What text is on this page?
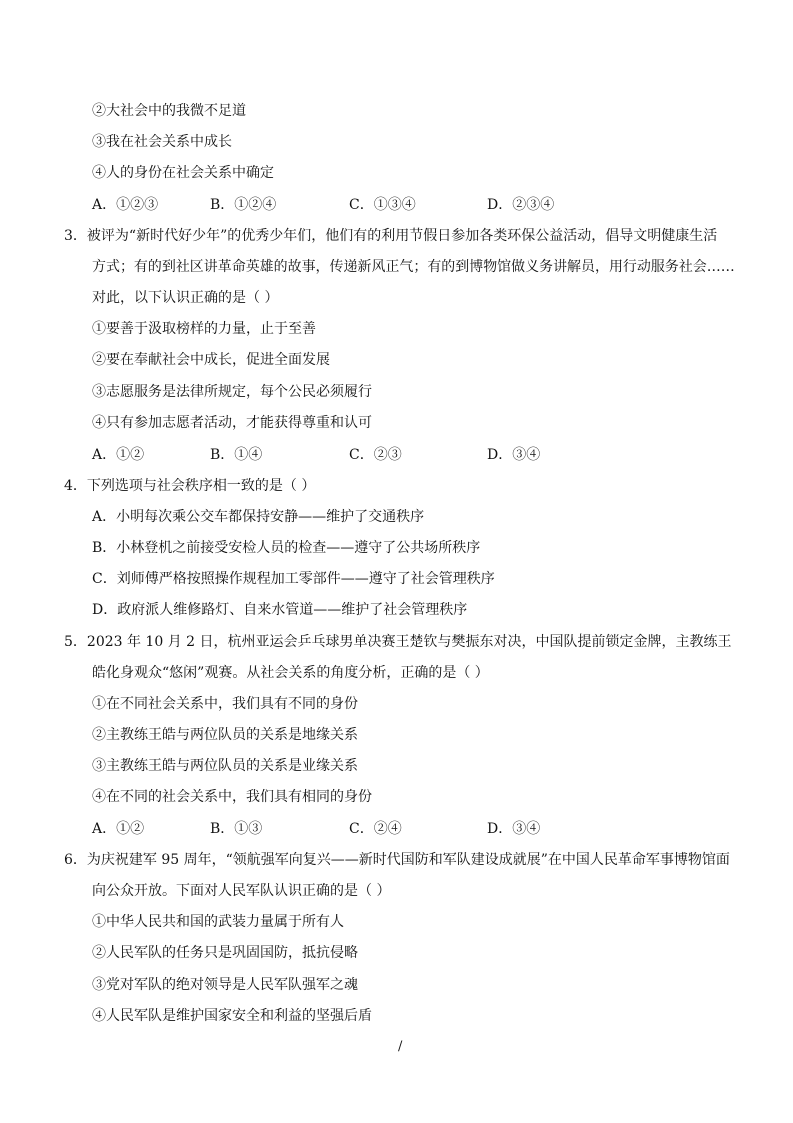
②大社会中的我微不足道
③我在社会关系中成长
④人的身份在社会关系中确定
A．①②③	B．①②④	C．①③④	D．②③④
3．被评为“新时代好少年”的优秀少年们，他们有的利用节假日参加各类环保公益活动，倡导文明健康生活
方式；有的到社区讲革命英雄的故事，传递新风正气；有的到博物馆做义务讲解员，用行动服务社会……
对此，以下认识正确的是（ ）
①要善于汲取榜样的力量，止于至善
②要在奉献社会中成长，促进全面发展
③志愿服务是法律所规定，每个公民必须履行
④只有参加志愿者活动，才能获得尊重和认可
A．①②	B．①④	C．②③	D．③④
4．下列选项与社会秩序相一致的是（ ）
A．小明每次乘公交车都保持安静——维护了交通秩序
B．小林登机之前接受安检人员的检查——遵守了公共场所秩序
C．刘师傅严格按照操作规程加工零部件——遵守了社会管理秩序
D．政府派人维修路灯、自来水管道——维护了社会管理秩序
5．2023 年 10 月 2 日，杭州亚运会乒乓球男单决赛王楚钦与樊振东对决，中国队提前锁定金牌，主教练王
皓化身观众“悠闲”观赛。从社会关系的角度分析，正确的是（ ）
①在不同社会关系中，我们具有不同的身份
②主教练王皓与两位队员的关系是地缘关系
③主教练王皓与两位队员的关系是业缘关系
④在不同的社会关系中，我们具有相同的身份
A．①②	B．①③	C．②④	D．③④
6．为庆祝建军 95 周年，“领航强军向复兴——新时代国防和军队建设成就展”在中国人民革命军事博物馆面
向公众开放。下面对人民军队认识正确的是（ ）
①中华人民共和国的武装力量属于所有人
②人民军队的任务只是巩固国防，抵抗侵略
③党对军队的绝对领导是人民军队强军之魂
④人民军队是维护国家安全和利益的坚强后盾
/
